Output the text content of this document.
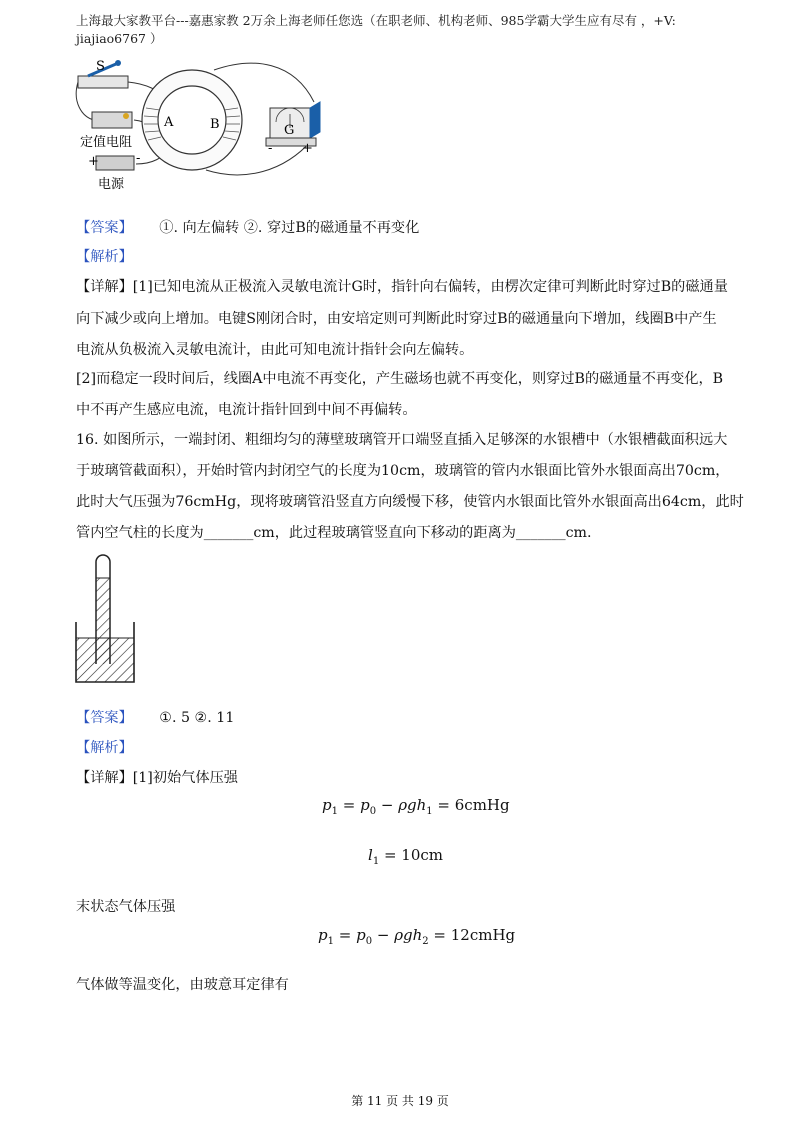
上海最大家教平台---嘉惠家教 2万余上海老师任您选（在职老师、机构老师、985学霸大学生应有尽有 ，+V:
jiajiao6767 ）
S
A	B
定值电阻
+	-
电源
G
- +
【答案】 ①. 向左偏转 ②. 穿过B的磁通量不再变化
【解析】
【详解】[1]已知电流从正极流入灵敏电流计G时，指针向右偏转，由楞次定律可判断此时穿过B的磁通量
向下减少或向上增加。电键S刚闭合时，由安培定则可判断此时穿过B的磁通量向下增加，线圈B中产生
电流从负极流入灵敏电流计，由此可知电流计指针会向左偏转。
[2]而稳定一段时间后，线圈A中电流不再变化，产生磁场也就不再变化，则穿过B的磁通量不再变化，B
中不再产生感应电流，电流计指针回到中间不再偏转。
16. 如图所示，一端封闭、粗细均匀的薄壁玻璃管开口端竖直插入足够深的水银槽中（水银槽截面积远大
于玻璃管截面积），开始时管内封闭空气的长度为10cm，玻璃管的管内水银面比管外水银面高出70cm，
此时大气压强为76cmHg，现将玻璃管沿竖直方向缓慢下移，使管内水银面比管外水银面高出64cm，此时
管内空气柱的长度为_______cm，此过程玻璃管竖直向下移动的距离为_______cm.
【答案】 ①. 5 ②. 11
【解析】
【详解】[1]初始气体压强
$p_1 = p_0 - \rho gh_1$ = 6cmHg
$l_1 = 10cm$
末状态气体压强
$p_1 = p_0 - \rho gh_2$ = 12cmHg
气体做等温变化，由玻意耳定律有
第 11 页 共 19 页
